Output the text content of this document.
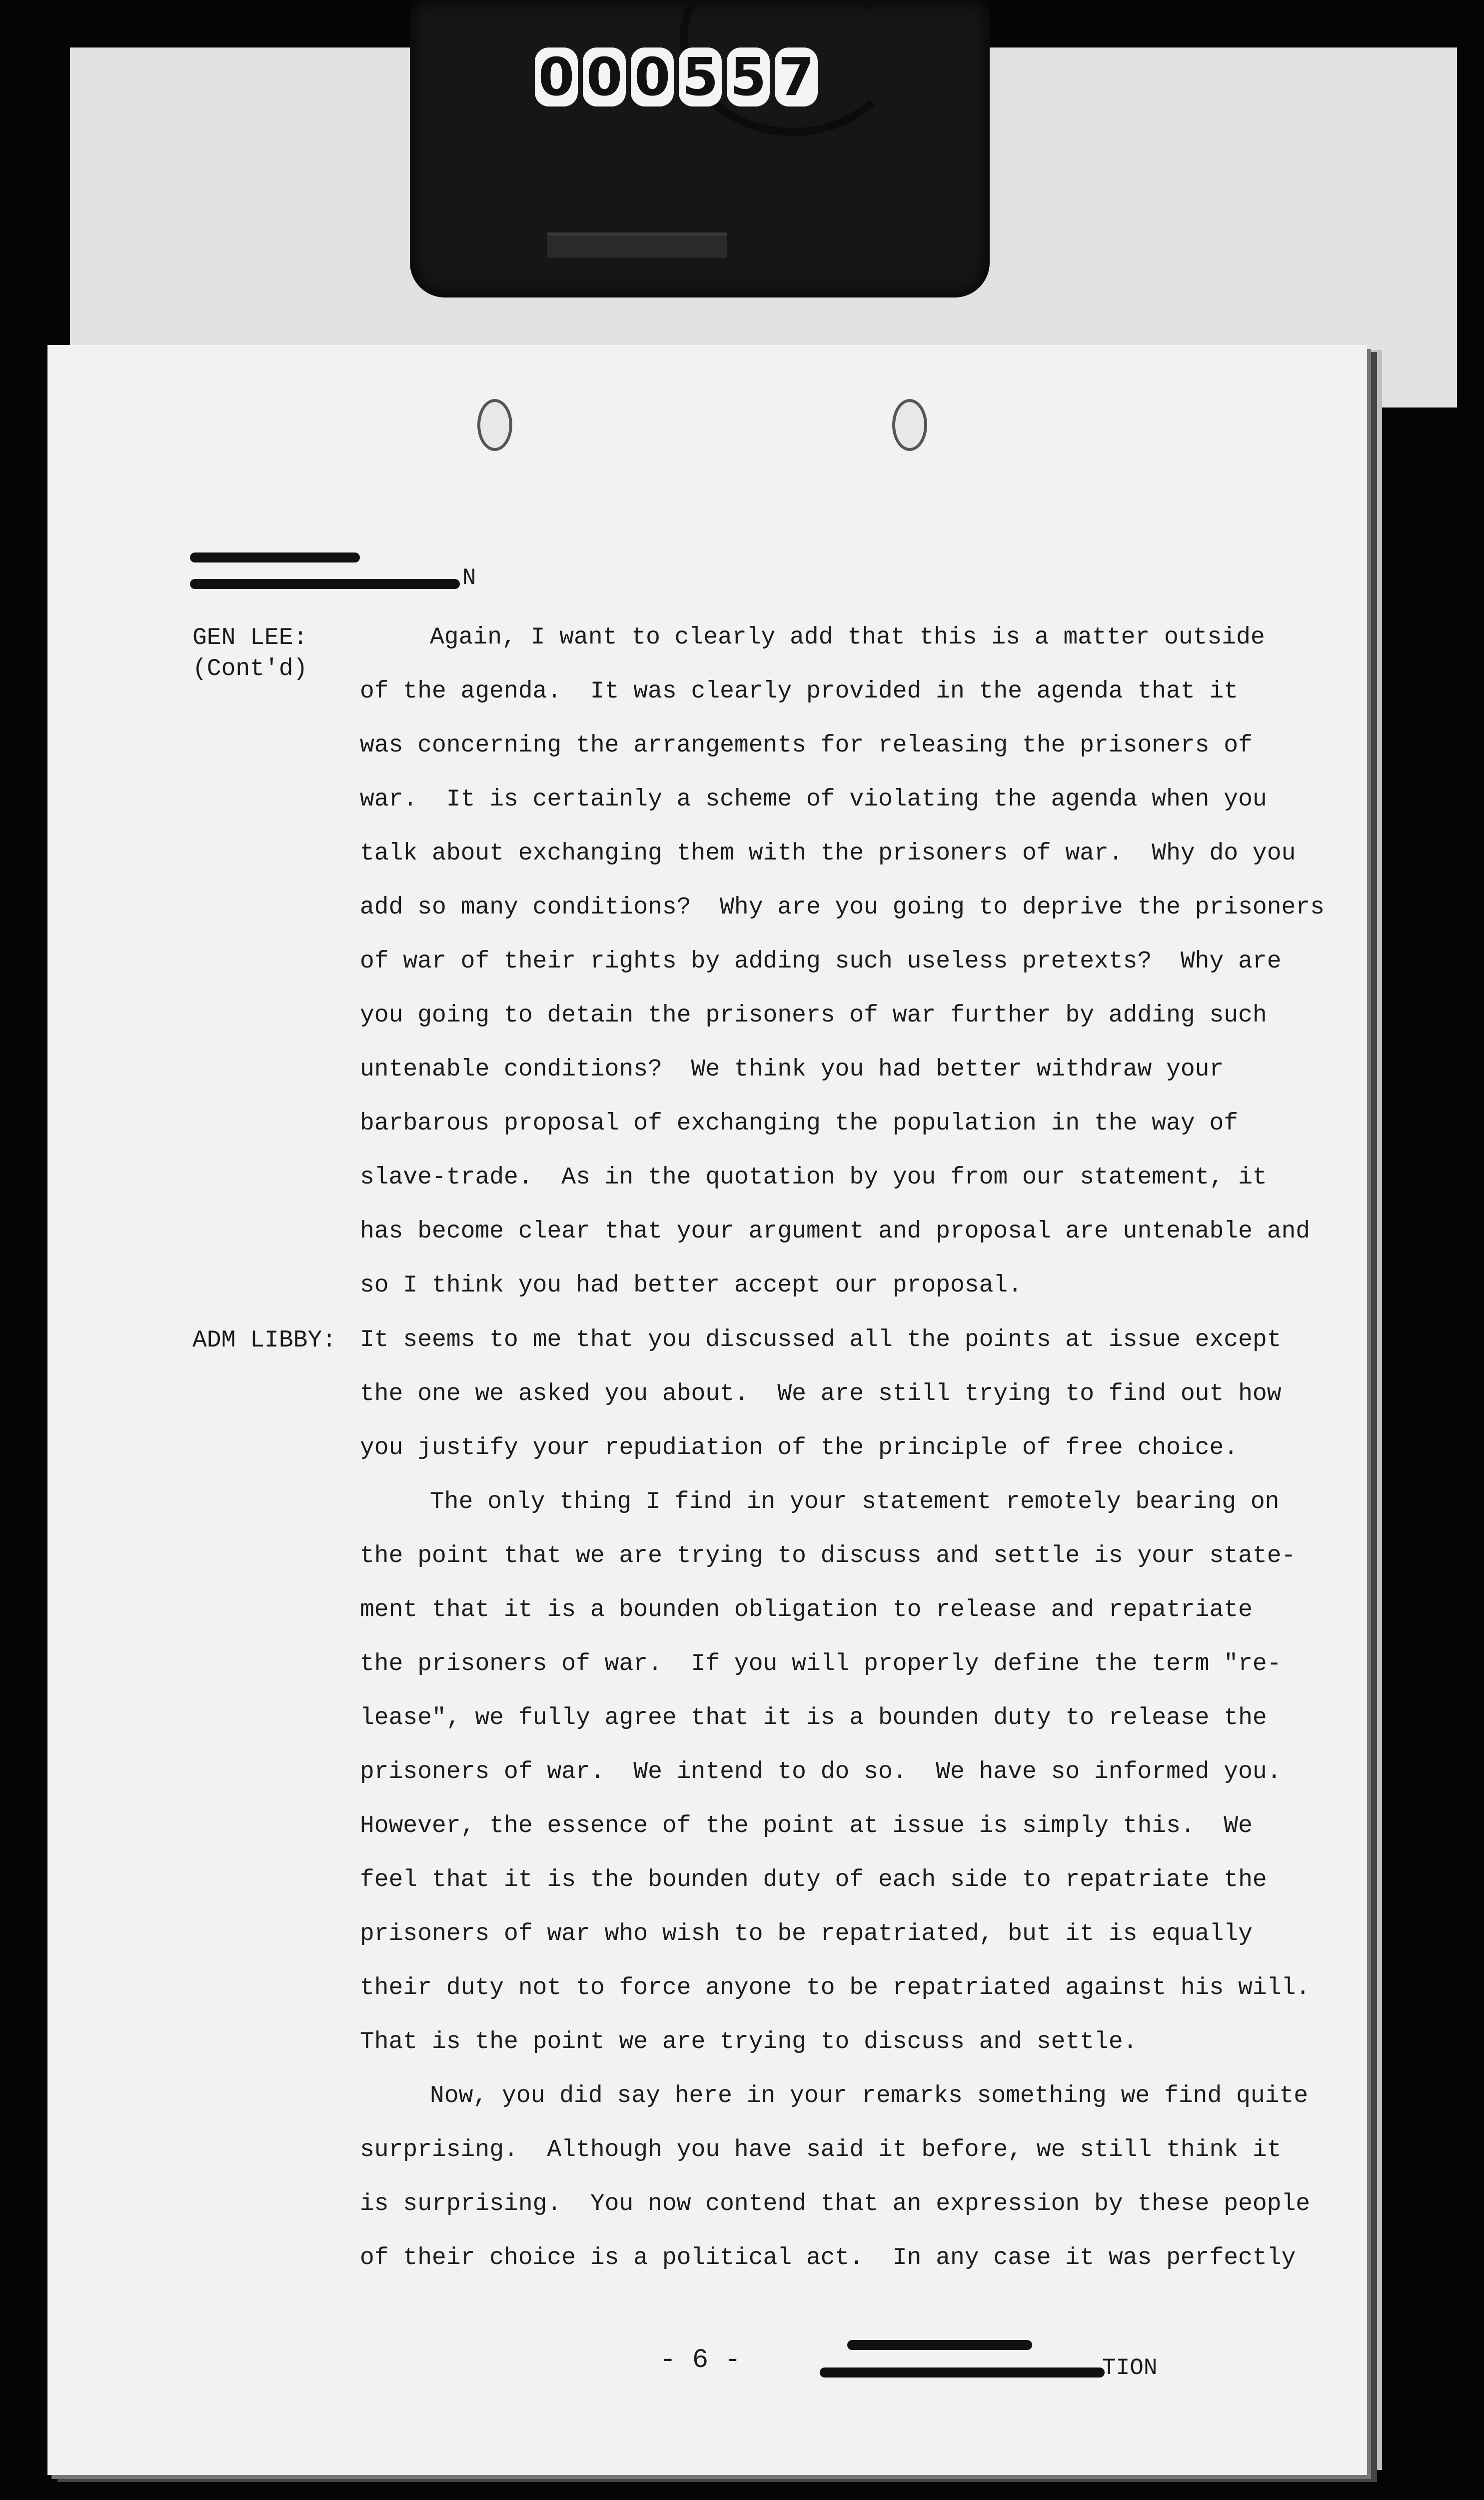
0 0 0 5 5 7
N
GEN LEE:
(Cont'd)
Again, I want to clearly add that this is a matter outside
of the agenda.  It was clearly provided in the agenda that it
was concerning the arrangements for releasing the prisoners of
war.  It is certainly a scheme of violating the agenda when you
talk about exchanging them with the prisoners of war.  Why do you
add so many conditions?  Why are you going to deprive the prisoners
of war of their rights by adding such useless pretexts?  Why are
you going to detain the prisoners of war further by adding such
untenable conditions?  We think you had better withdraw your
barbarous proposal of exchanging the population in the way of
slave-trade.  As in the quotation by you from our statement, it
has become clear that your argument and proposal are untenable and
so I think you had better accept our proposal.
ADM LIBBY: It seems to me that you discussed all the points at issue except
the one we asked you about.  We are still trying to find out how
you justify your repudiation of the principle of free choice.
The only thing I find in your statement remotely bearing on
the point that we are trying to discuss and settle is your state-
ment that it is a bounden obligation to release and repatriate
the prisoners of war.  If you will properly define the term "re-
lease", we fully agree that it is a bounden duty to release the
prisoners of war.  We intend to do so.  We have so informed you.
However, the essence of the point at issue is simply this.  We
feel that it is the bounden duty of each side to repatriate the
prisoners of war who wish to be repatriated, but it is equally
their duty not to force anyone to be repatriated against his will.
That is the point we are trying to discuss and settle.
Now, you did say here in your remarks something we find quite
surprising.  Although you have said it before, we still think it
is surprising.  You now contend that an expression by these people
of their choice is a political act.  In any case it was perfectly
- 6 -	TION
